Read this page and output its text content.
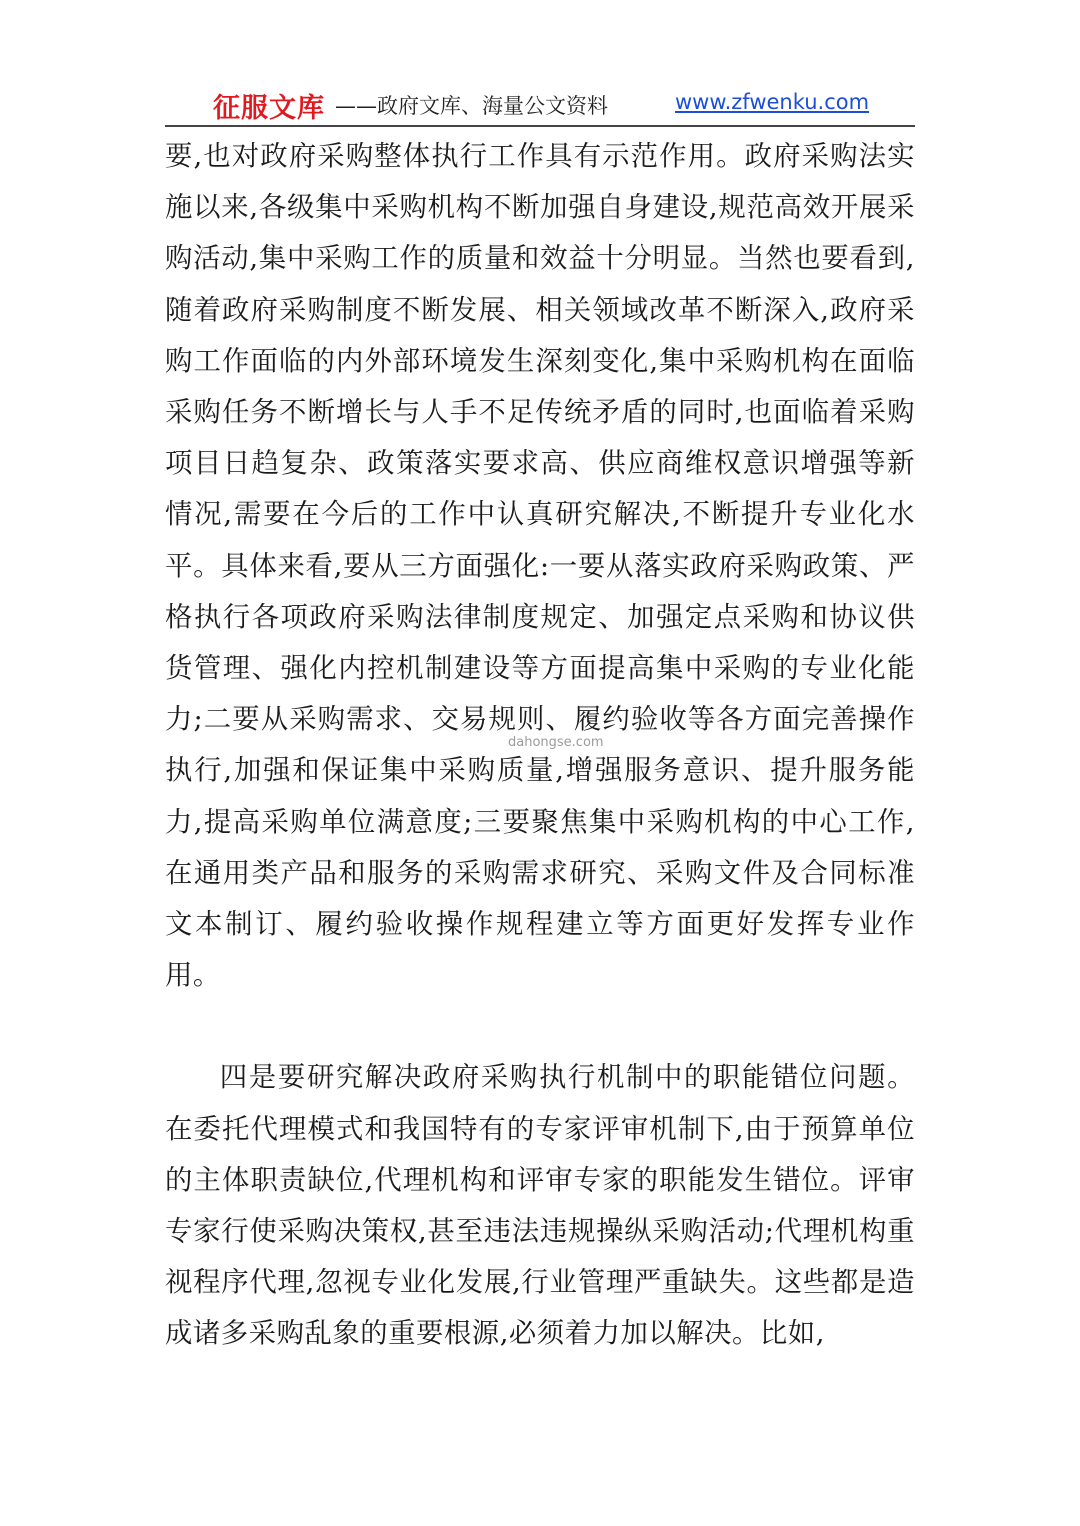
征服文库 ——政府文库、海量公文资料	www.zfwenku.com

要,也对政府采购整体执行工作具有示范作用。政府采购法实施以来,各级集中采购机构不断加强自身建设,规范高效开展采购活动,集中采购工作的质量和效益十分明显。当然也要看到,随着政府采购制度不断发展、相关领域改革不断深入,政府采购工作面临的内外部环境发生深刻变化,集中采购机构在面临采购任务不断增长与人手不足传统矛盾的同时,也面临着采购项目日趋复杂、政策落实要求高、供应商维权意识增强等新情况,需要在今后的工作中认真研究解决,不断提升专业化水平。具体来看,要从三方面强化:一要从落实政府采购政策、严格执行各项政府采购法律制度规定、加强定点采购和协议供货管理、强化内控机制建设等方面提高集中采购的专业化能力;二要从采购需求、交易规则、履约验收等各方面完善操作执行,加强和保证集中采购质量,增强服务意识、提升服务能力,提高采购单位满意度;三要聚焦集中采购机构的中心工作,在通用类产品和服务的采购需求研究、采购文件及合同标准文本制订、履约验收操作规程建立等方面更好发挥专业作用。

四是要研究解决政府采购执行机制中的职能错位问题。在委托代理模式和我国特有的专家评审机制下,由于预算单位的主体职责缺位,代理机构和评审专家的职能发生错位。评审专家行使采购决策权,甚至违法违规操纵采购活动;代理机构重视程序代理,忽视专业化发展,行业管理严重缺失。这些都是造成诸多采购乱象的重要根源,必须着力加以解决。比如,

dahongse.com
